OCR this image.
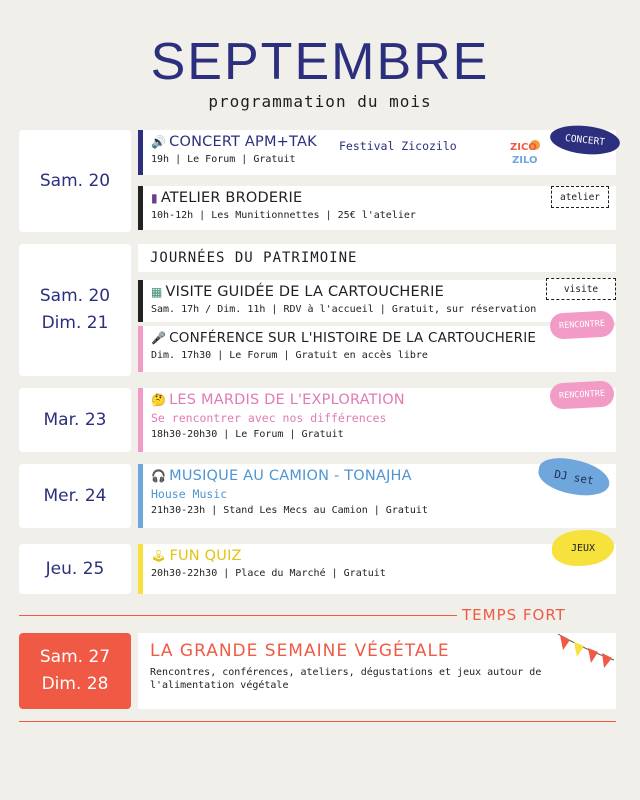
SEPTEMBRE
programmation du mois
Sam. 20
🔊 CONCERT APM+TAK
19h | Le Forum | Gratuit
Festival Zicozilo	ZICO
ZILO
CONCERT
▮ ATELIER BRODERIE
10h-12h | Les Munitionnettes | 25€ l'atelier
atelier
Sam. 20
Dim. 21
JOURNÉES DU PATRIMOINE
▦ VISITE GUIDÉE DE LA CARTOUCHERIE
Sam. 17h / Dim. 11h | RDV à l'accueil | Gratuit, sur réservation
visite
🎤 CONFÉRENCE SUR L'HISTOIRE DE LA CARTOUCHERIE
Dim. 17h30 | Le Forum | Gratuit en accès libre
RENCONTRE
Mar. 23
🤔 LES MARDIS DE L'EXPLORATION
Se rencontrer avec nos différences
18h30-20h30 | Le Forum | Gratuit
RENCONTRE
Mer. 24
🎧 MUSIQUE AU CAMION - TONAJHA
House Music
21h30-23h | Stand Les Mecs au Camion | Gratuit
DJ set
Jeu. 25
🕹 FUN QUIZ
20h30-22h30 | Place du Marché | Gratuit
JEUX
TEMPS FORT
Sam. 27
Dim. 28
LA GRANDE SEMAINE VÉGÉTALE
Rencontres, conférences, ateliers, dégustations et jeux autour de
l'alimentation végétale
